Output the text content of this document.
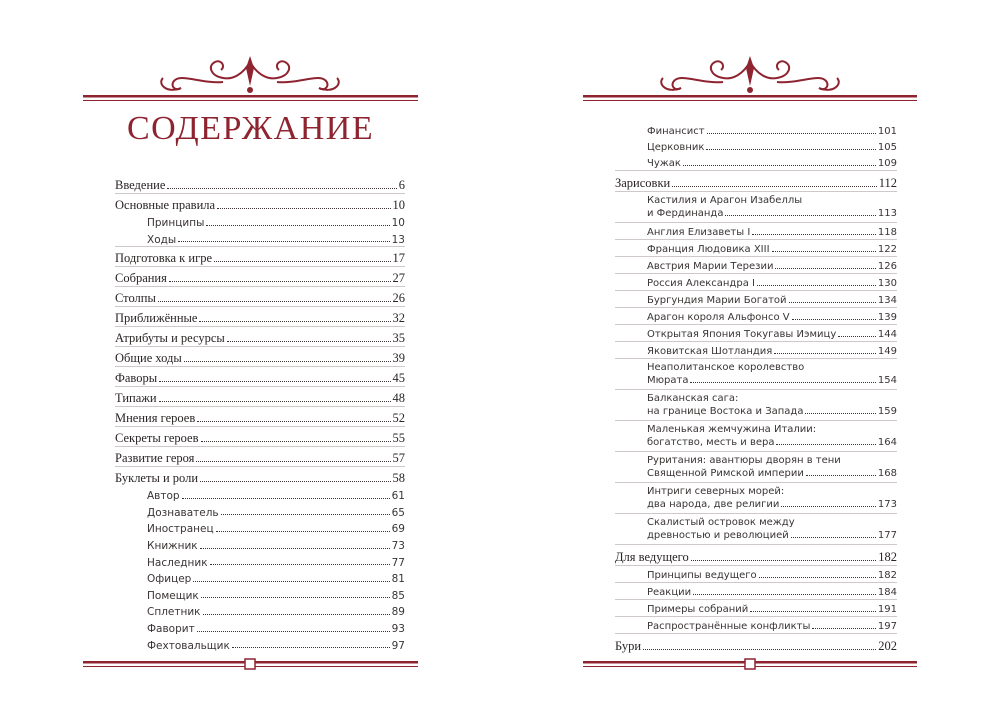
СОДЕРЖАНИЕ
Введение	6
Основные правила	10
Принципы	10
Ходы	13
Подготовка к игре	17
Собрания	27
Столпы	26
Приближённые	32
Атрибуты и ресурсы	35
Общие ходы	39
Фаворы	45
Типажи	48
Мнения героев	52
Секреты героев	55
Развитие героя	57
Буклеты и роли	58
Автор	61
Дознаватель	65
Иностранец	69
Книжник	73
Наследник	77
Офицер	81
Помещик	85
Сплетник	89
Фаворит	93
Фехтовальщик	97
Финансист	101
Церковник	105
Чужак	109
Зарисовки	112
Кастилия и Арагон Изабеллы
и Фердинанда	113
Англия Елизаветы I	118
Франция Людовика XIII	122
Австрия Марии Терезии	126
Россия Александра I	130
Бургундия Марии Богатой	134
Арагон короля Альфонсо V	139
Открытая Япония Токугавы Иэмицу	144
Яковитская Шотландия	149
Неаполитанское королевство
Мюрата	154
Балканская сага:
на границе Востока и Запада	159
Маленькая жемчужина Италии:
богатство, месть и вера	164
Руритания: авантюры дворян в тени
Священной Римской империи	168
Интриги северных морей:
два народа, две религии	173
Скалистый островок между
древностью и революцией	177
Для ведущего	182
Принципы ведущего	182
Реакции	184
Примеры собраний	191
Распространённые конфликты	197
Бури	202
